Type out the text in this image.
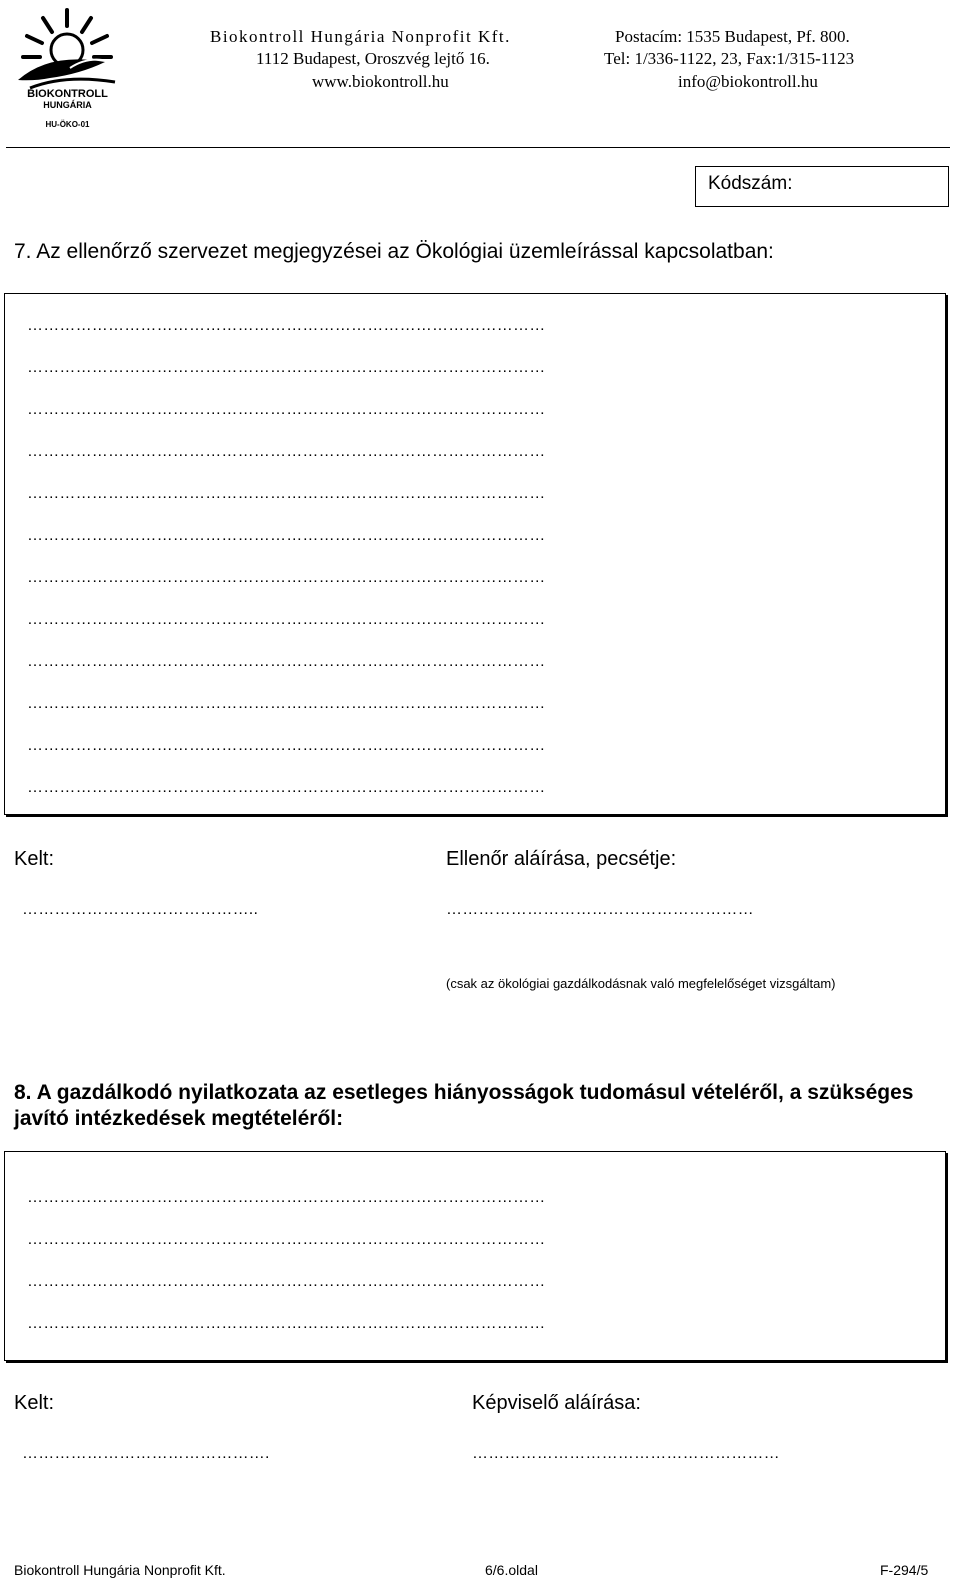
BIOKONTROLL
HUNGÁRIA
HU-ÖKO-01
Biokontroll Hungária Nonprofit Kft.
1112 Budapest, Oroszvég lejtő 16.
www.biokontroll.hu
Postacím: 1535 Budapest, Pf. 800.
Tel: 1/336-1122, 23, Fax:1/315-1123
info@biokontroll.hu
Kódszám:
7. Az ellenőrző szervezet megjegyzései az Ökológiai üzemleírással kapcsolatban:
……………………………………………………………………………………
……………………………………………………………………………………
……………………………………………………………………………………
……………………………………………………………………………………
……………………………………………………………………………………
……………………………………………………………………………………
……………………………………………………………………………………
……………………………………………………………………………………
……………………………………………………………………………………
……………………………………………………………………………………
……………………………………………………………………………………
……………………………………………………………………………………
Kelt:
……………………………………..
Ellenőr aláírása, pecsétje:
…………………………………………………
(csak az ökológiai gazdálkodásnak való megfelelőséget vizsgáltam)
8. A gazdálkodó nyilatkozata az esetleges hiányosságok tudomásul vételéről, a szükséges javító intézkedések megtételéről:
……………………………………………………………………………………
……………………………………………………………………………………
……………………………………………………………………………………
……………………………………………………………………………………
Kelt:
……………………………………….
Képviselő aláírása:
…………………………………………………
Biokontroll Hungária Nonprofit Kft.	6/6.oldal	F-294/5
